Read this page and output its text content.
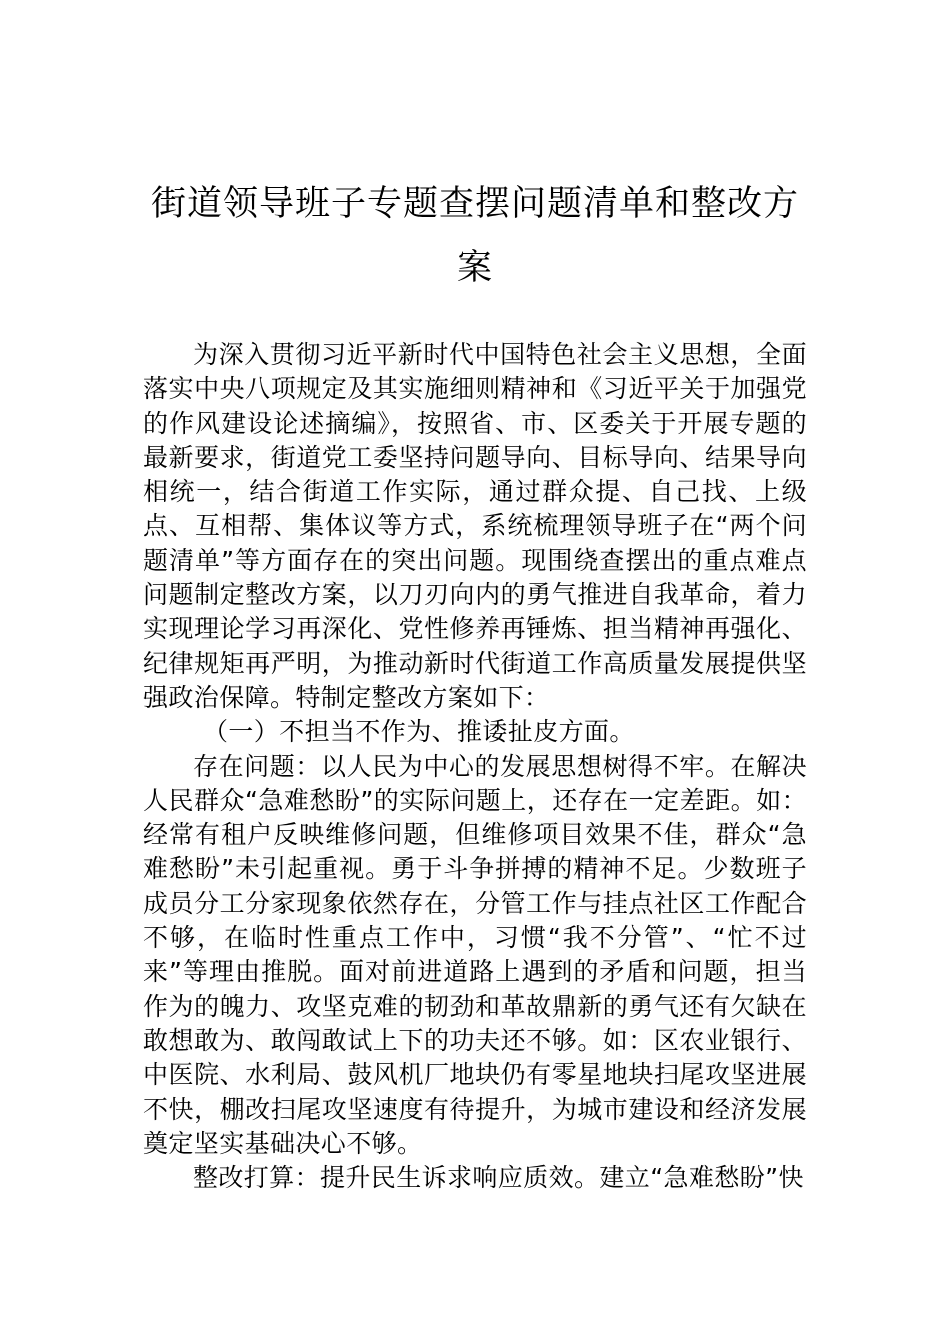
街道领导班子专题查摆问题清单和整改方案

为深入贯彻习近平新时代中国特色社会主义思想，全面落实中央八项规定及其实施细则精神和《习近平关于加强党的作风建设论述摘编》，按照省、市、区委关于开展专题的最新要求，街道党工委坚持问题导向、目标导向、结果导向相统一，结合街道工作实际，通过群众提、自己找、上级点、互相帮、集体议等方式，系统梳理领导班子在“两个问题清单”等方面存在的突出问题。现围绕查摆出的重点难点问题制定整改方案，以刀刃向内的勇气推进自我革命，着力实现理论学习再深化、党性修养再锤炼、担当精神再强化、纪律规矩再严明，为推动新时代街道工作高质量发展提供坚强政治保障。特制定整改方案如下：

（一）不担当不作为、推诿扯皮方面。

存在问题：以人民为中心的发展思想树得不牢。在解决人民群众“急难愁盼”的实际问题上，还存在一定差距。如：经常有租户反映维修问题，但维修项目效果不佳，群众“急难愁盼”未引起重视。勇于斗争拼搏的精神不足。少数班子成员分工分家现象依然存在，分管工作与挂点社区工作配合不够，在临时性重点工作中，习惯“我不分管”、“忙不过来”等理由推脱。面对前进道路上遇到的矛盾和问题，担当作为的魄力、攻坚克难的韧劲和革故鼎新的勇气还有欠缺在敢想敢为、敢闯敢试上下的功夫还不够。如：区农业银行、中医院、水利局、鼓风机厂地块仍有零星地块扫尾攻坚进展不快，棚改扫尾攻坚速度有待提升，为城市建设和经济发展奠定坚实基础决心不够。

整改打算：提升民生诉求响应质效。建立“急难愁盼”快
